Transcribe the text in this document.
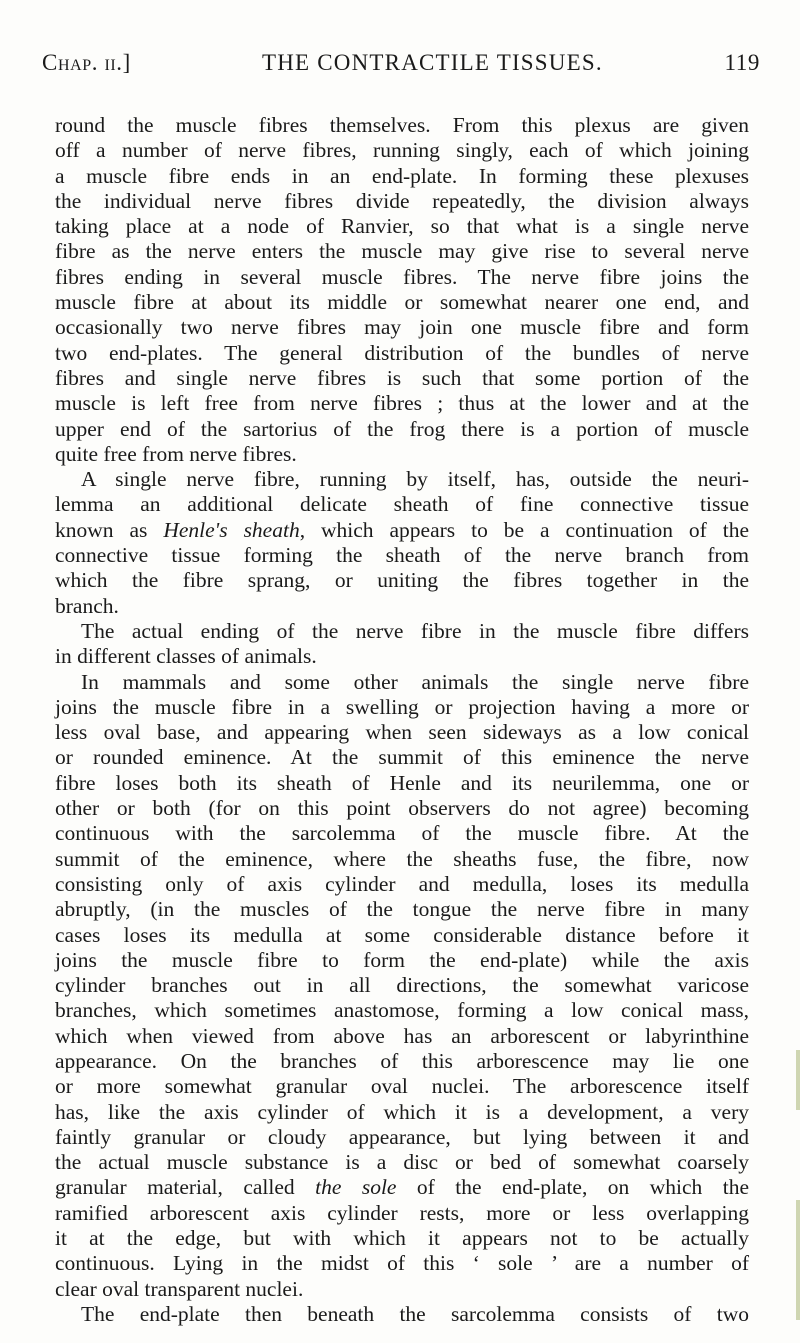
Chap. ii.]	THE CONTRACTILE TISSUES.	119
round the muscle fibres themselves. From this plexus are given
off a number of nerve fibres, running singly, each of which joining
a muscle fibre ends in an end-plate. In forming these plexuses
the individual nerve fibres divide repeatedly, the division always
taking place at a node of Ranvier, so that what is a single nerve
fibre as the nerve enters the muscle may give rise to several nerve
fibres ending in several muscle fibres. The nerve fibre joins the
muscle fibre at about its middle or somewhat nearer one end, and
occasionally two nerve fibres may join one muscle fibre and form
two end-plates. The general distribution of the bundles of nerve
fibres and single nerve fibres is such that some portion of the
muscle is left free from nerve fibres ; thus at the lower and at the
upper end of the sartorius of the frog there is a portion of muscle
quite free from nerve fibres.
A single nerve fibre, running by itself, has, outside the neuri-
lemma an additional delicate sheath of fine connective tissue
known as Henle's sheath, which appears to be a continuation of the
connective tissue forming the sheath of the nerve branch from
which the fibre sprang, or uniting the fibres together in the
branch.
The actual ending of the nerve fibre in the muscle fibre differs
in different classes of animals.
In mammals and some other animals the single nerve fibre
joins the muscle fibre in a swelling or projection having a more or
less oval base, and appearing when seen sideways as a low conical
or rounded eminence. At the summit of this eminence the nerve
fibre loses both its sheath of Henle and its neurilemma, one or
other or both (for on this point observers do not agree) becoming
continuous with the sarcolemma of the muscle fibre. At the
summit of the eminence, where the sheaths fuse, the fibre, now
consisting only of axis cylinder and medulla, loses its medulla
abruptly, (in the muscles of the tongue the nerve fibre in many
cases loses its medulla at some considerable distance before it
joins the muscle fibre to form the end-plate) while the axis
cylinder branches out in all directions, the somewhat varicose
branches, which sometimes anastomose, forming a low conical mass,
which when viewed from above has an arborescent or labyrinthine
appearance. On the branches of this arborescence may lie one
or more somewhat granular oval nuclei. The arborescence itself
has, like the axis cylinder of which it is a development, a very
faintly granular or cloudy appearance, but lying between it and
the actual muscle substance is a disc or bed of somewhat coarsely
granular material, called the sole of the end-plate, on which the
ramified arborescent axis cylinder rests, more or less overlapping
it at the edge, but with which it appears not to be actually
continuous. Lying in the midst of this ‘ sole ’ are a number of
clear oval transparent nuclei.
The end-plate then beneath the sarcolemma consists of two
